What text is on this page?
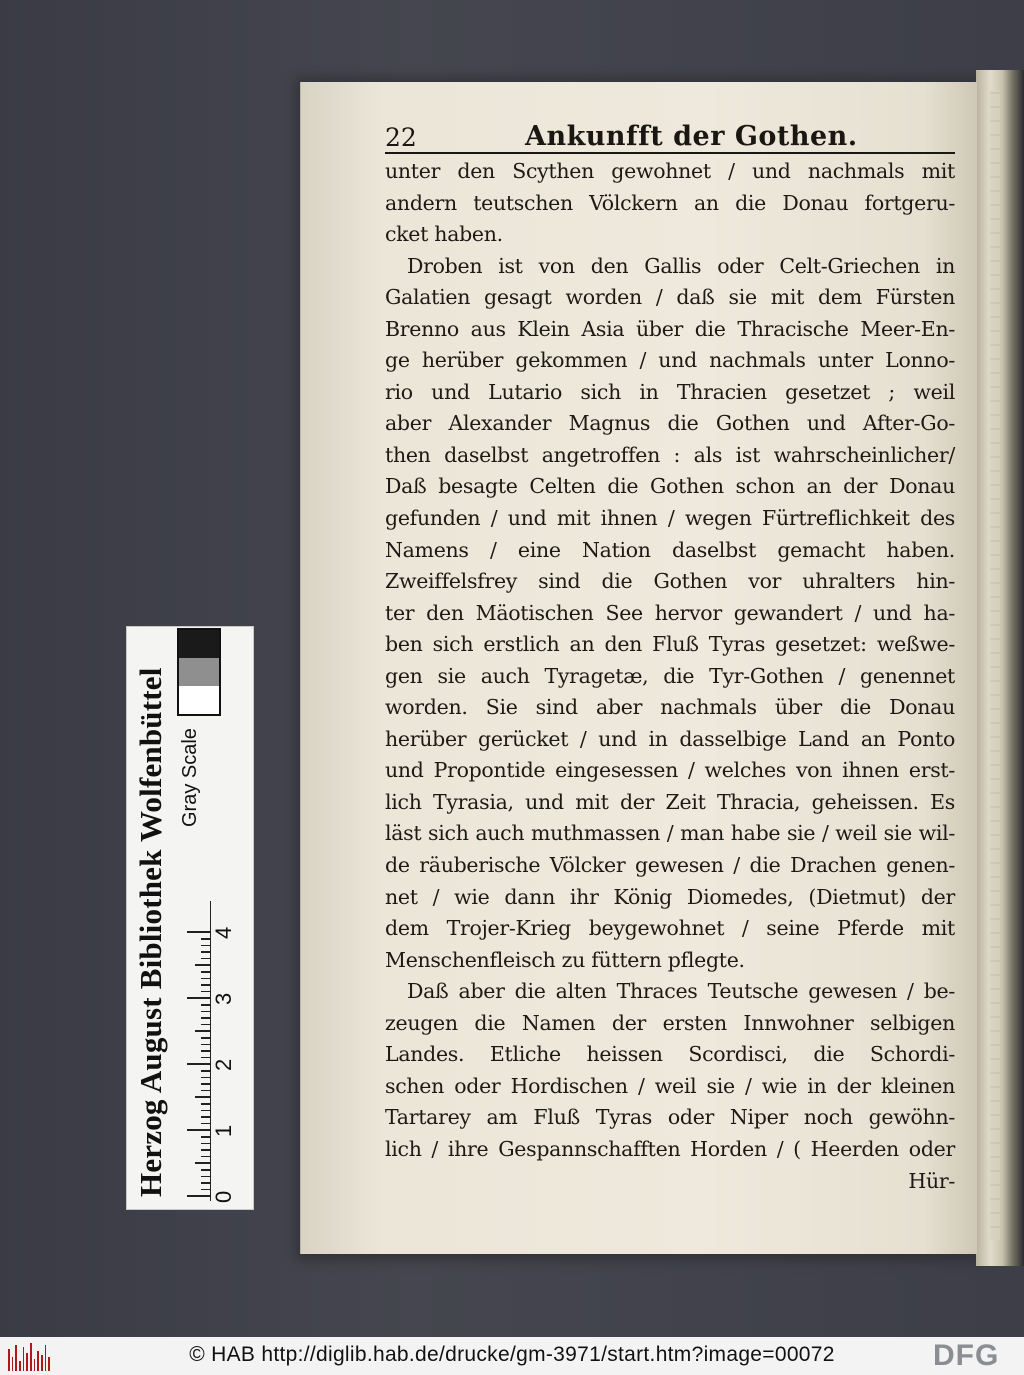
22	Ankunfft der Gothen.
unter den Scythen gewohnet / und nachmals mit
andern teutschen Völckern an die Donau fortgeru-
cket haben.
Droben ist von den Gallis oder Celt-Griechen in
Galatien gesagt worden / daß sie mit dem Fürsten
Brenno aus Klein Asia über die Thracische Meer-En-
ge herüber gekommen / und nachmals unter Lonno-
rio und Lutario sich in Thracien gesetzet ; weil
aber Alexander Magnus die Gothen und After-Go-
then daselbst angetroffen : als ist wahrscheinlicher/
Daß besagte Celten die Gothen schon an der Donau
gefunden / und mit ihnen / wegen Fürtreflichkeit des
Namens / eine Nation daselbst gemacht haben.
Zweiffelsfrey sind die Gothen vor uhralters hin-
ter den Mäotischen See hervor gewandert / und ha-
ben sich erstlich an den Fluß Tyras gesetzet: weßwe-
gen sie auch Tyragetæ, die Tyr-Gothen / genennet
worden. Sie sind aber nachmals über die Donau
herüber gerücket / und in dasselbige Land an Ponto
und Propontide eingesessen / welches von ihnen erst-
lich Tyrasia, und mit der Zeit Thracia, geheissen. Es
läst sich auch muthmassen / man habe sie / weil sie wil-
de räuberische Völcker gewesen / die Drachen genen-
net / wie dann ihr König Diomedes, (Dietmut) der
dem Trojer-Krieg beygewohnet / seine Pferde mit
Menschenfleisch zu füttern pflegte.
Daß aber die alten Thraces Teutsche gewesen / be-
zeugen die Namen der ersten Innwohner selbigen
Landes. Etliche heissen Scordisci, die Schordi-
schen oder Hordischen / weil sie / wie in der kleinen
Tartarey am Fluß Tyras oder Niper noch gewöhn-
lich / ihre Gespannschafften Horden / ( Heerden oder
Hür-
Herzog August Bibliothek Wolfenbüttel 0
1
2
3
4
Gray Scale
© HAB http://diglib.hab.de/drucke/gm-3971/start.htm?image=00072	DFG
